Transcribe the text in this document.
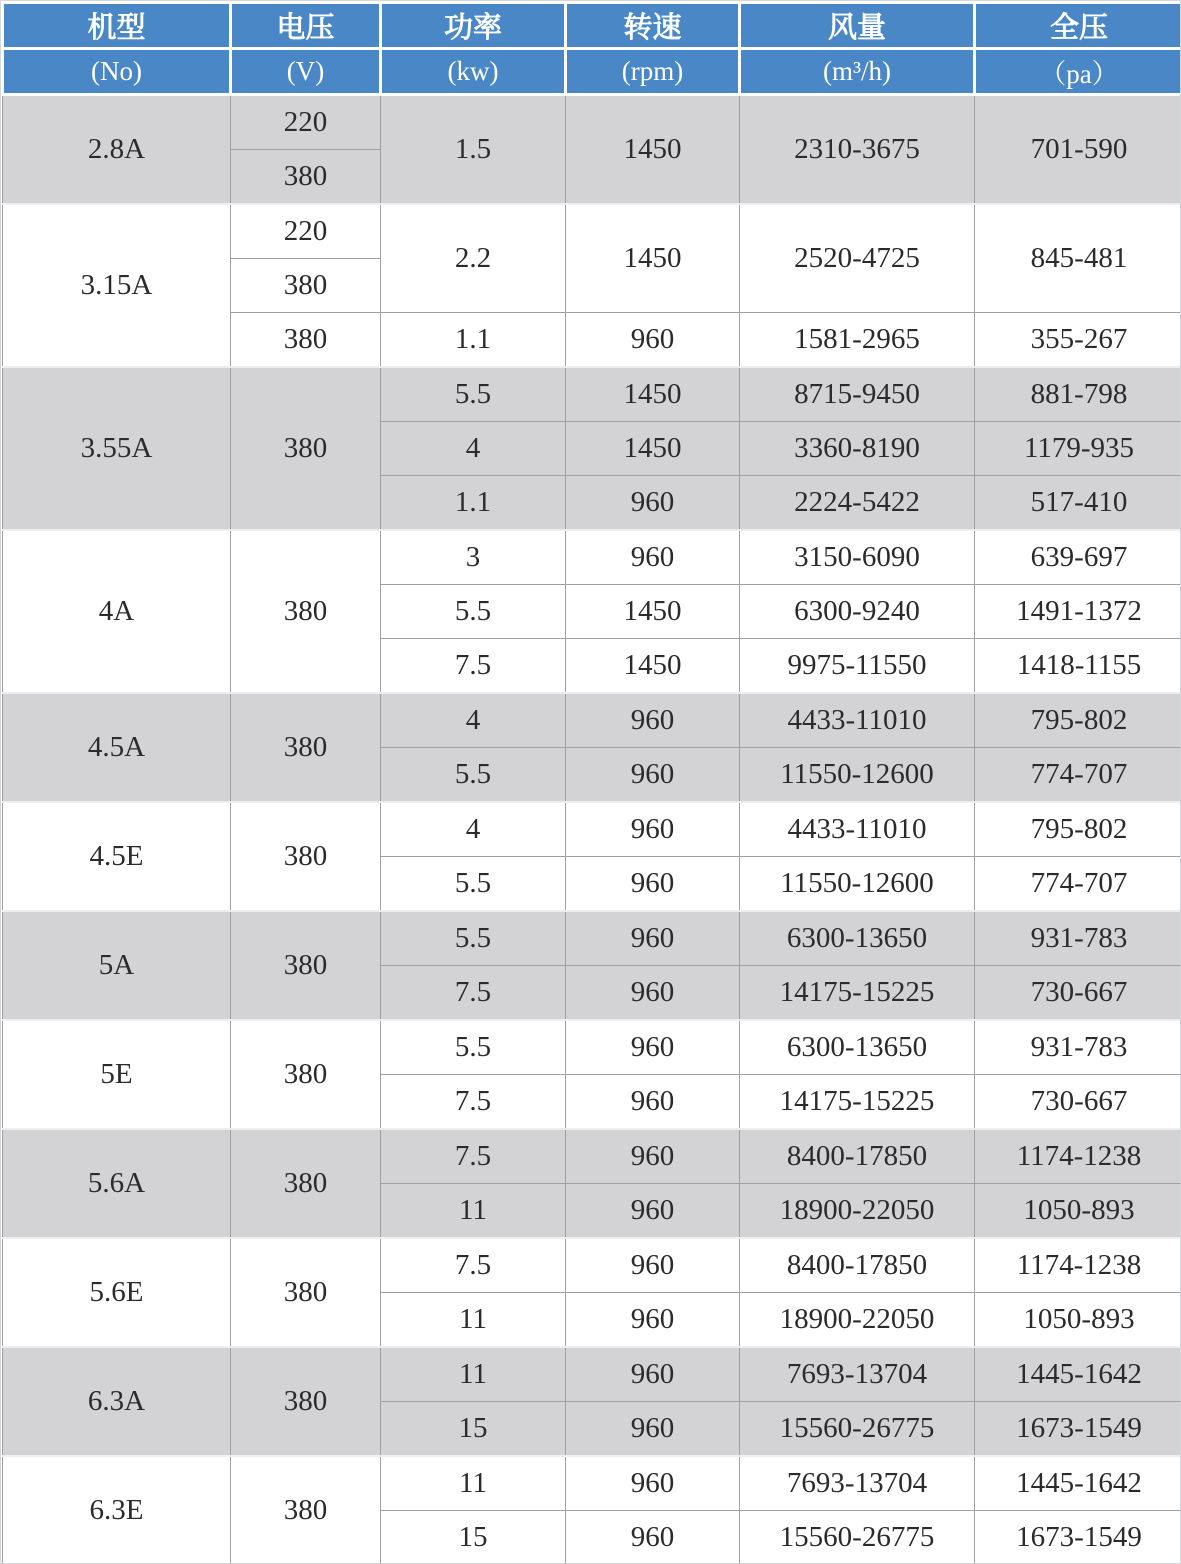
机型	电压	功率	转速	风量	全压
(No)	(V)	(kw)	(rpm)	(m³/h)	（pa）
2.8A	220	1.5	1450	2310-3675	701-590
	380				
3.15A	220	2.2	1450	2520-4725	845-481
	380				
	380	1.1	960	1581-2965	355-267
3.55A	380	5.5	1450	8715-9450	881-798
		4	1450	3360-8190	1179-935
		1.1	960	2224-5422	517-410
4A	380	3	960	3150-6090	639-697
		5.5	1450	6300-9240	1491-1372
		7.5	1450	9975-11550	1418-1155
4.5A	380	4	960	4433-11010	795-802
		5.5	960	11550-12600	774-707
4.5E	380	4	960	4433-11010	795-802
		5.5	960	11550-12600	774-707
5A	380	5.5	960	6300-13650	931-783
		7.5	960	14175-15225	730-667
5E	380	5.5	960	6300-13650	931-783
		7.5	960	14175-15225	730-667
5.6A	380	7.5	960	8400-17850	1174-1238
		11	960	18900-22050	1050-893
5.6E	380	7.5	960	8400-17850	1174-1238
		11	960	18900-22050	1050-893
6.3A	380	11	960	7693-13704	1445-1642
		15	960	15560-26775	1673-1549
6.3E	380	11	960	7693-13704	1445-1642
		15	960	15560-26775	1673-1549
